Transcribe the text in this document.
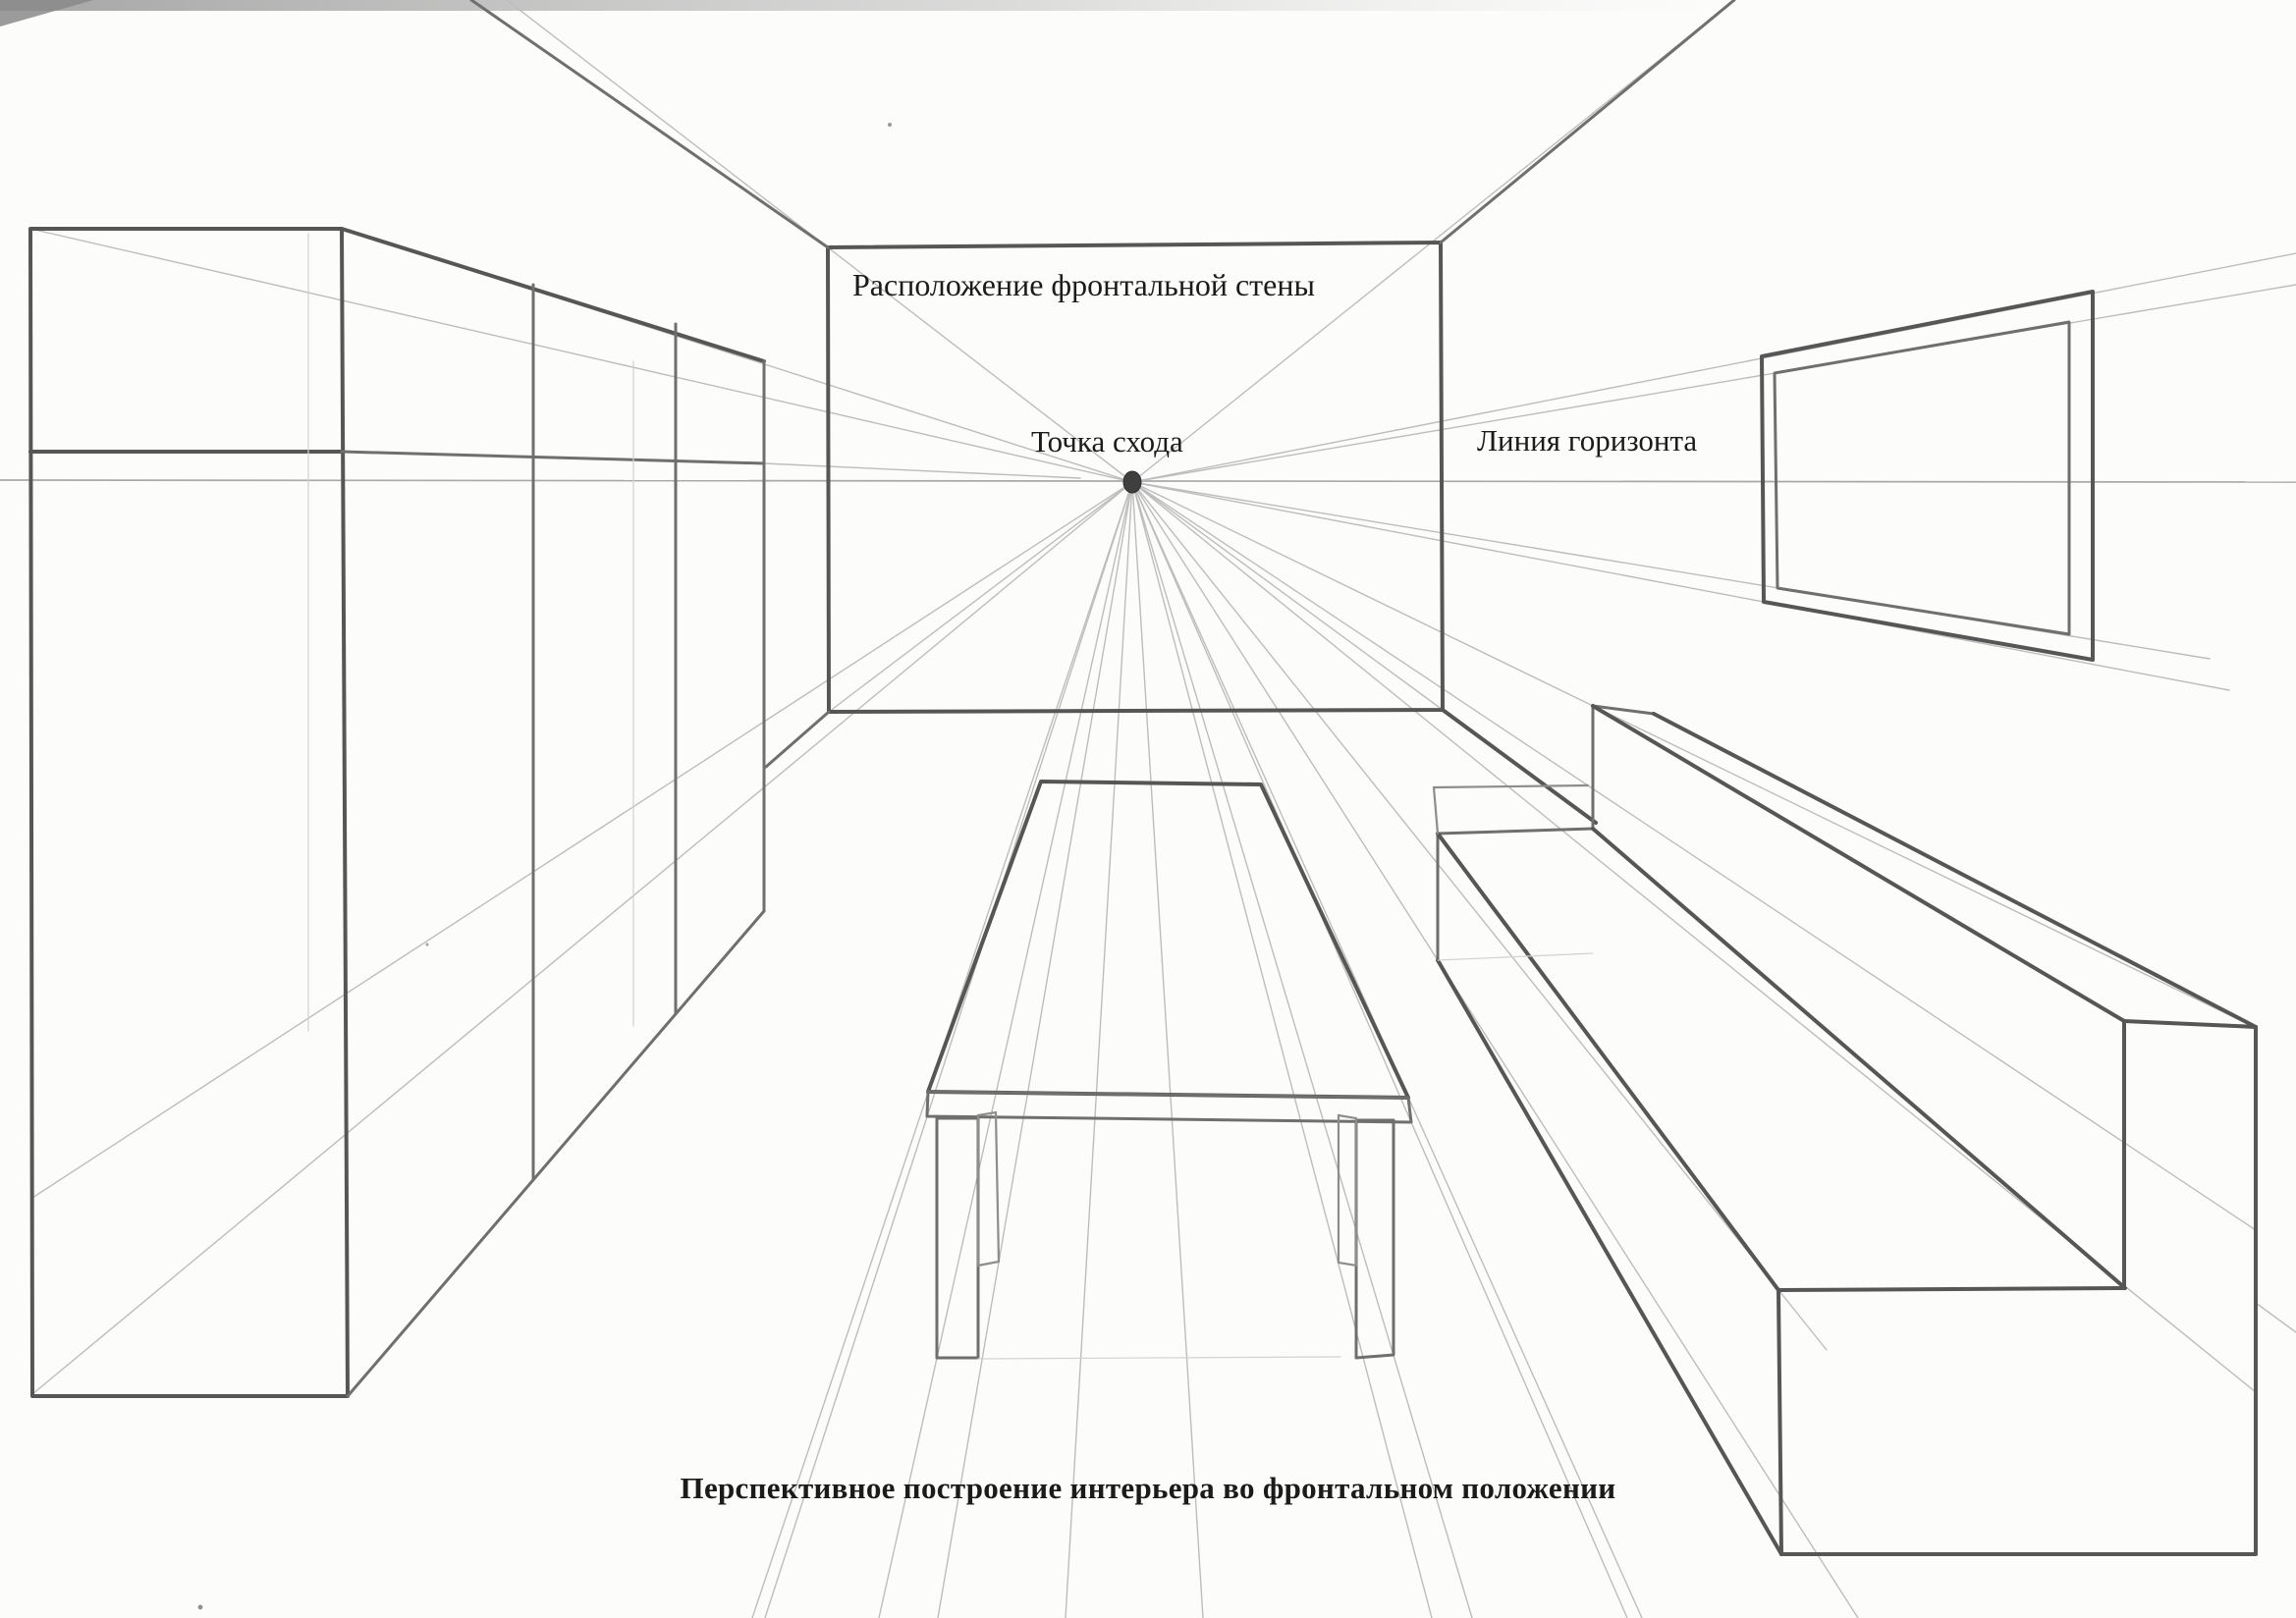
Расположение фронтальной стены
Точка схода	Линия горизонта
Перспективное построение интерьера во фронтальном положении
